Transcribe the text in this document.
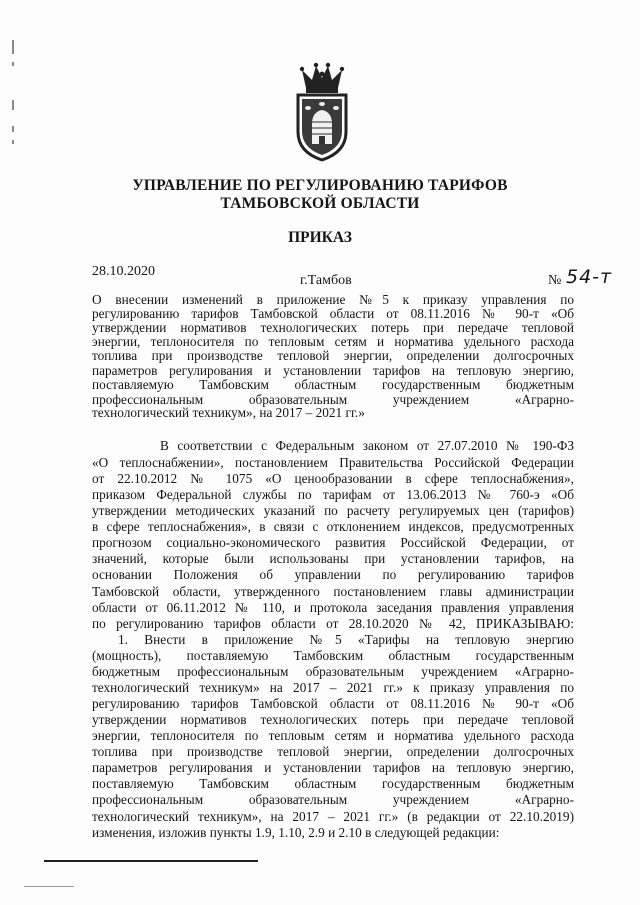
УПРАВЛЕНИЕ ПО РЕГУЛИРОВАНИЮ ТАРИФОВ
ТАМБОВСКОЙ ОБЛАСТИ
ПРИКАЗ
28.10.2020
г.Тамбов	№ 54-т
О внесении изменений в приложение №5 к приказу управления по
регулированию тарифов Тамбовской области от 08.11.2016 № 90-т «Об
утверждении нормативов технологических потерь при передаче тепловой
энергии, теплоносителя по тепловым сетям и норматива удельного расхода
топлива при производстве тепловой энергии, определении долгосрочных
параметров регулирования и установлении тарифов на тепловую энергию,
поставляемую Тамбовским областным государственным бюджетным
профессиональным образовательным учреждением «Аграрно-
технологический техникум», на 2017 – 2021 гг.»
В соответствии с Федеральным законом от 27.07.2010 № 190-ФЗ
«О теплоснабжении», постановлением Правительства Российской Федерации
от 22.10.2012 № 1075 «О ценообразовании в сфере теплоснабжения»,
приказом Федеральной службы по тарифам от 13.06.2013 № 760-э «Об
утверждении методических указаний по расчету регулируемых цен (тарифов)
в сфере теплоснабжения», в связи с отклонением индексов, предусмотренных
прогнозом социально-экономического развития Российской Федерации, от
значений, которые были использованы при установлении тарифов, на
основании Положения об управлении по регулированию тарифов
Тамбовской области, утвержденного постановлением главы администрации
области от 06.11.2012 № 110, и протокола заседания правления управления
по регулированию тарифов области от 28.10.2020 № 42, ПРИКАЗЫВАЮ:
1. Внести в приложение №5 «Тарифы на тепловую энергию
(мощность), поставляемую Тамбовским областным государственным
бюджетным профессиональным образовательным учреждением «Аграрно-
технологический техникум» на 2017 – 2021 гг.» к приказу управления по
регулированию тарифов Тамбовской области от 08.11.2016 № 90-т «Об
утверждении нормативов технологических потерь при передаче тепловой
энергии, теплоносителя по тепловым сетям и норматива удельного расхода
топлива при производстве тепловой энергии, определении долгосрочных
параметров регулирования и установлении тарифов на тепловую энергию,
поставляемую Тамбовским областным государственным бюджетным
профессиональным образовательным учреждением «Аграрно-
технологический техникум», на 2017 – 2021 гг.» (в редакции от 22.10.2019)
изменения, изложив пункты 1.9, 1.10, 2.9 и 2.10 в следующей редакции:
